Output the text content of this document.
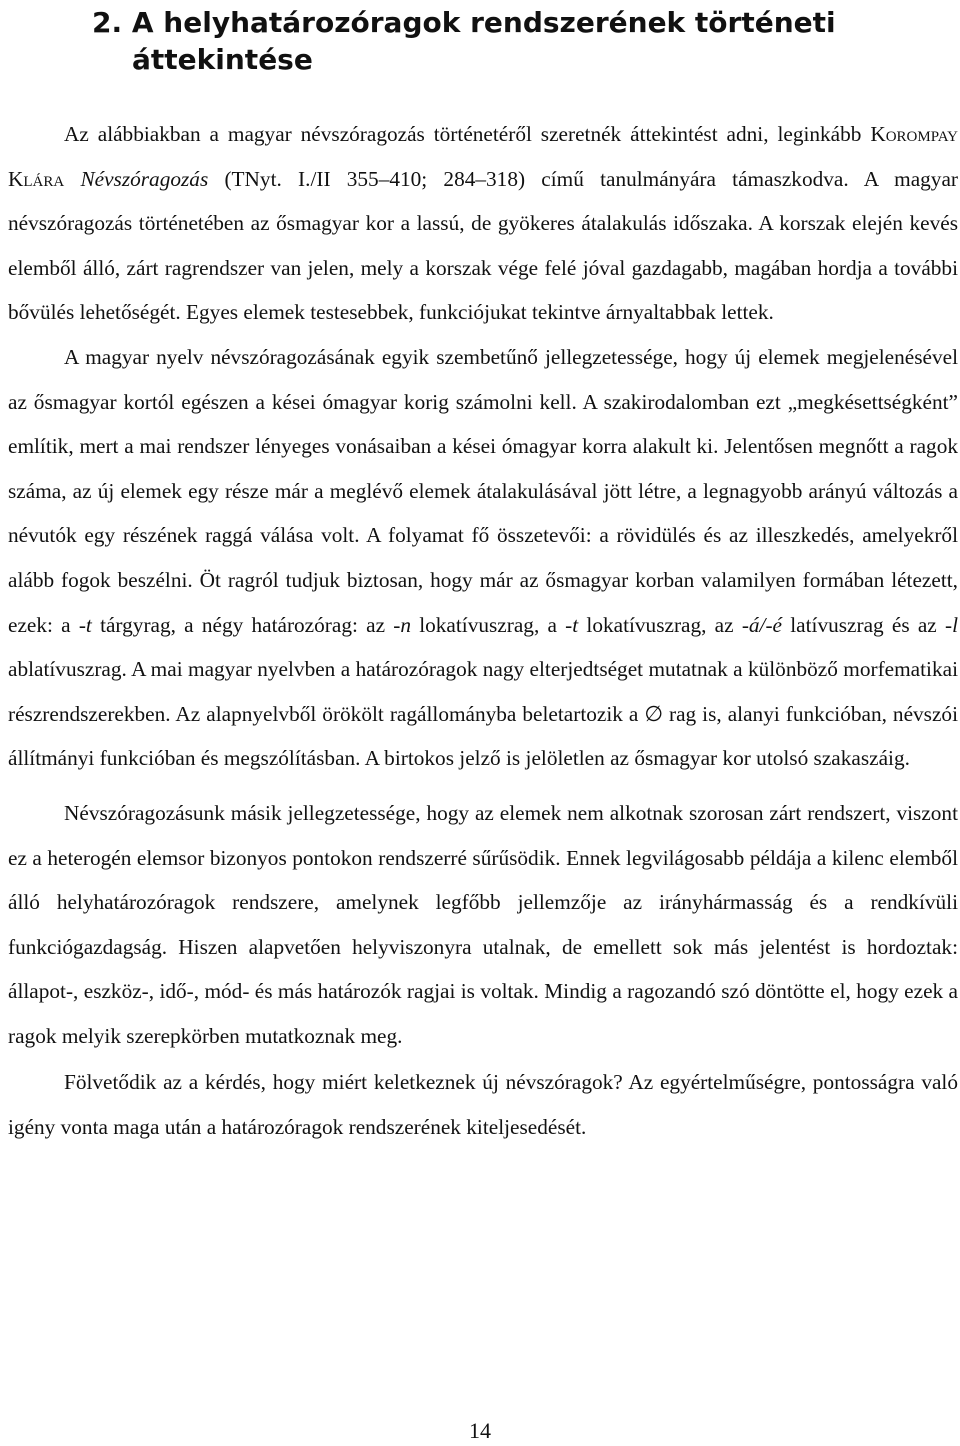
2. A helyhatározóragok rendszerének történeti
áttekintése

Az alábbiakban a magyar névszóragozás történetéről szeretnék áttekintést adni, leginkább Korompay Klára Névszóragozás (TNyt. I./II 355–410; 284–318) című tanulmányára támaszkodva. A magyar névszóragozás történetében az ősmagyar kor a lassú, de gyökeres átalakulás időszaka. A korszak elején kevés elemből álló, zárt ragrendszer van jelen, mely a korszak vége felé jóval gazdagabb, magában hordja a további bővülés lehetőségét. Egyes elemek testesebbek, funkciójukat tekintve árnyaltabbak lettek.

A magyar nyelv névszóragozásának egyik szembetűnő jellegzetessége, hogy új elemek megjelenésével az ősmagyar kortól egészen a kései ómagyar korig számolni kell. A szakirodalomban ezt „megkésettségként” említik, mert a mai rendszer lényeges vonásaiban a kései ómagyar korra alakult ki. Jelentősen megnőtt a ragok száma, az új elemek egy része már a meglévő elemek átalakulásával jött létre, a legnagyobb arányú változás a névutók egy részének raggá válása volt. A folyamat fő összetevői: a rövidülés és az illeszkedés, amelyekről alább fogok beszélni. Öt ragról tudjuk biztosan, hogy már az ősmagyar korban valamilyen formában létezett, ezek: a -t tárgyrag, a négy határozórag: az -n lokatívuszrag, a -t lokatívuszrag, az -á/-é latívuszrag és az -l ablatívuszrag. A mai magyar nyelvben a határozóragok nagy elterjedtséget mutatnak a különböző morfematikai részrendszerekben. Az alapnyelvből örökölt ragállományba beletartozik a ∅ rag is, alanyi funkcióban, névszói állítmányi funkcióban és megszólításban. A birtokos jelző is jelöletlen az ősmagyar kor utolsó szakaszáig.

Névszóragozásunk másik jellegzetessége, hogy az elemek nem alkotnak szorosan zárt rendszert, viszont ez a heterogén elemsor bizonyos pontokon rendszerré sűrűsödik. Ennek legvilágosabb példája a kilenc elemből álló helyhatározóragok rendszere, amelynek legfőbb jellemzője az irányhármasság és a rendkívüli funkciógazdagság. Hiszen alapvetően helyviszonyra utalnak, de emellett sok más jelentést is hordoztak: állapot-, eszköz-, idő-, mód- és más határozók ragjai is voltak. Mindig a ragozandó szó döntötte el, hogy ezek a ragok melyik szerepkörben mutatkoznak meg.

Fölvetődik az a kérdés, hogy miért keletkeznek új névszóragok? Az egyértelműségre, pontosságra való igény vonta maga után a határozóragok rendszerének kiteljesedését.

14
